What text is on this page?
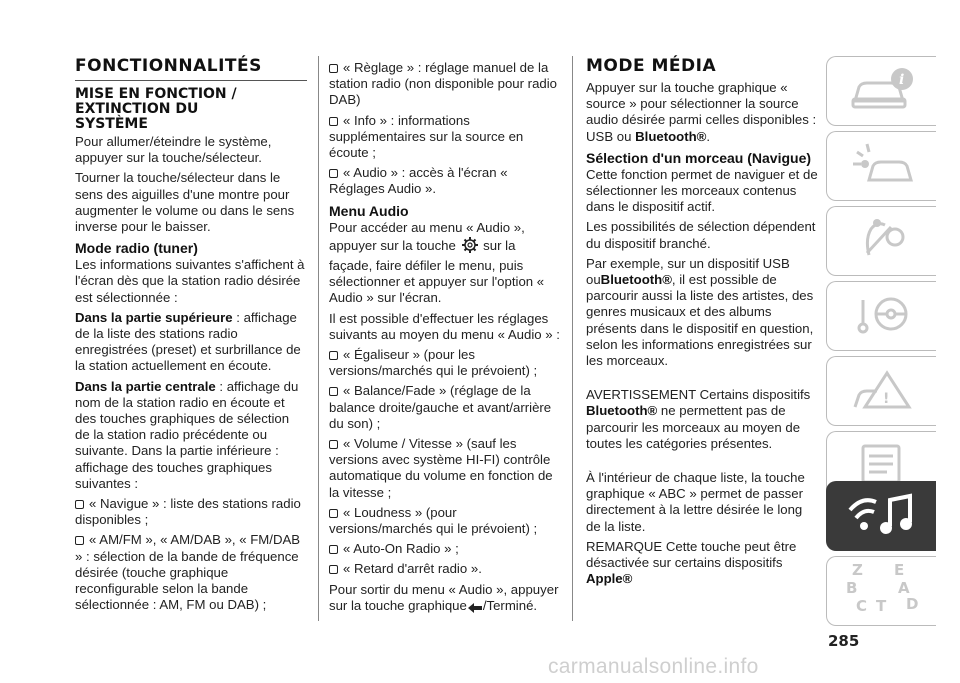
FONCTIONNALITÉS
MISE EN FONCTION / EXTINCTION DU SYSTÈME

Pour allumer/éteindre le système, appuyer sur la touche/sélecteur.

Tourner la touche/sélecteur dans le sens des aiguilles d'une montre pour augmenter le volume ou dans le sens inverse pour le baisser.

Mode radio (tuner)

Les informations suivantes s'affichent à l'écran dès que la station radio désirée est sélectionnée :

Dans la partie supérieure : affichage de la liste des stations radio enregistrées (preset) et surbrillance de la station actuellement en écoute.

Dans la partie centrale : affichage du nom de la station radio en écoute et des touches graphiques de sélection de la station radio précédente ou suivante. Dans la partie inférieure : affichage des touches graphiques suivantes :

« Navigue » : liste des stations radio disponibles ;

« AM/FM », « AM/DAB », « FM/DAB » : sélection de la bande de fréquence désirée (touche graphique reconfigurable selon la bande sélectionnée : AM, FM ou DAB) ;

« Règlage » : réglage manuel de la station radio (non disponible pour radio DAB)

« Info » : informations supplémentaires sur la source en écoute ;

« Audio » : accès à l'écran « Réglages Audio ».

Menu Audio

Pour accéder au menu « Audio », appuyer sur la touche  sur la façade, faire défiler le menu, puis sélectionner et appuyer sur l'option « Audio » sur l'écran.

Il est possible d'effectuer les réglages suivants au moyen du menu « Audio » :

« Égaliseur » (pour les versions/marchés qui le prévoient) ;

« Balance/Fade » (réglage de la balance droite/gauche et avant/arrière du son) ;

« Volume / Vitesse » (sauf les versions avec système HI-FI) contrôle automatique du volume en fonction de la vitesse ;

« Loudness » (pour versions/marchés qui le prévoient) ;

« Auto-On Radio » ;

« Retard d'arrêt radio ».

Pour sortir du menu « Audio », appuyer sur la touche graphique /Terminé.

MODE MÉDIA

Appuyer sur la touche graphique « source » pour sélectionner la source audio désirée parmi celles disponibles : USB ou Bluetooth®.

Sélection d'un morceau (Navigue)

Cette fonction permet de naviguer et de sélectionner les morceaux contenus dans le dispositif actif.

Les possibilités de sélection dépendent du dispositif branché.

Par exemple, sur un dispositif USB ouBluetooth®, il est possible de parcourir aussi la liste des artistes, des genres musicaux et des albums présents dans le dispositif en question, selon les informations enregistrées sur les morceaux.

AVERTISSEMENT Certains dispositifs Bluetooth® ne permettent pas de parcourir les morceaux au moyen de toutes les catégories présentes.

À l'intérieur de chaque liste, la touche graphique « ABC » permet de passer directement à la lettre désirée le long de la liste.

REMARQUE Cette touche peut être désactivée sur certains dispositifs Apple®

i
!
Z E
B	A
C T D
285
carmanualsonline.info
